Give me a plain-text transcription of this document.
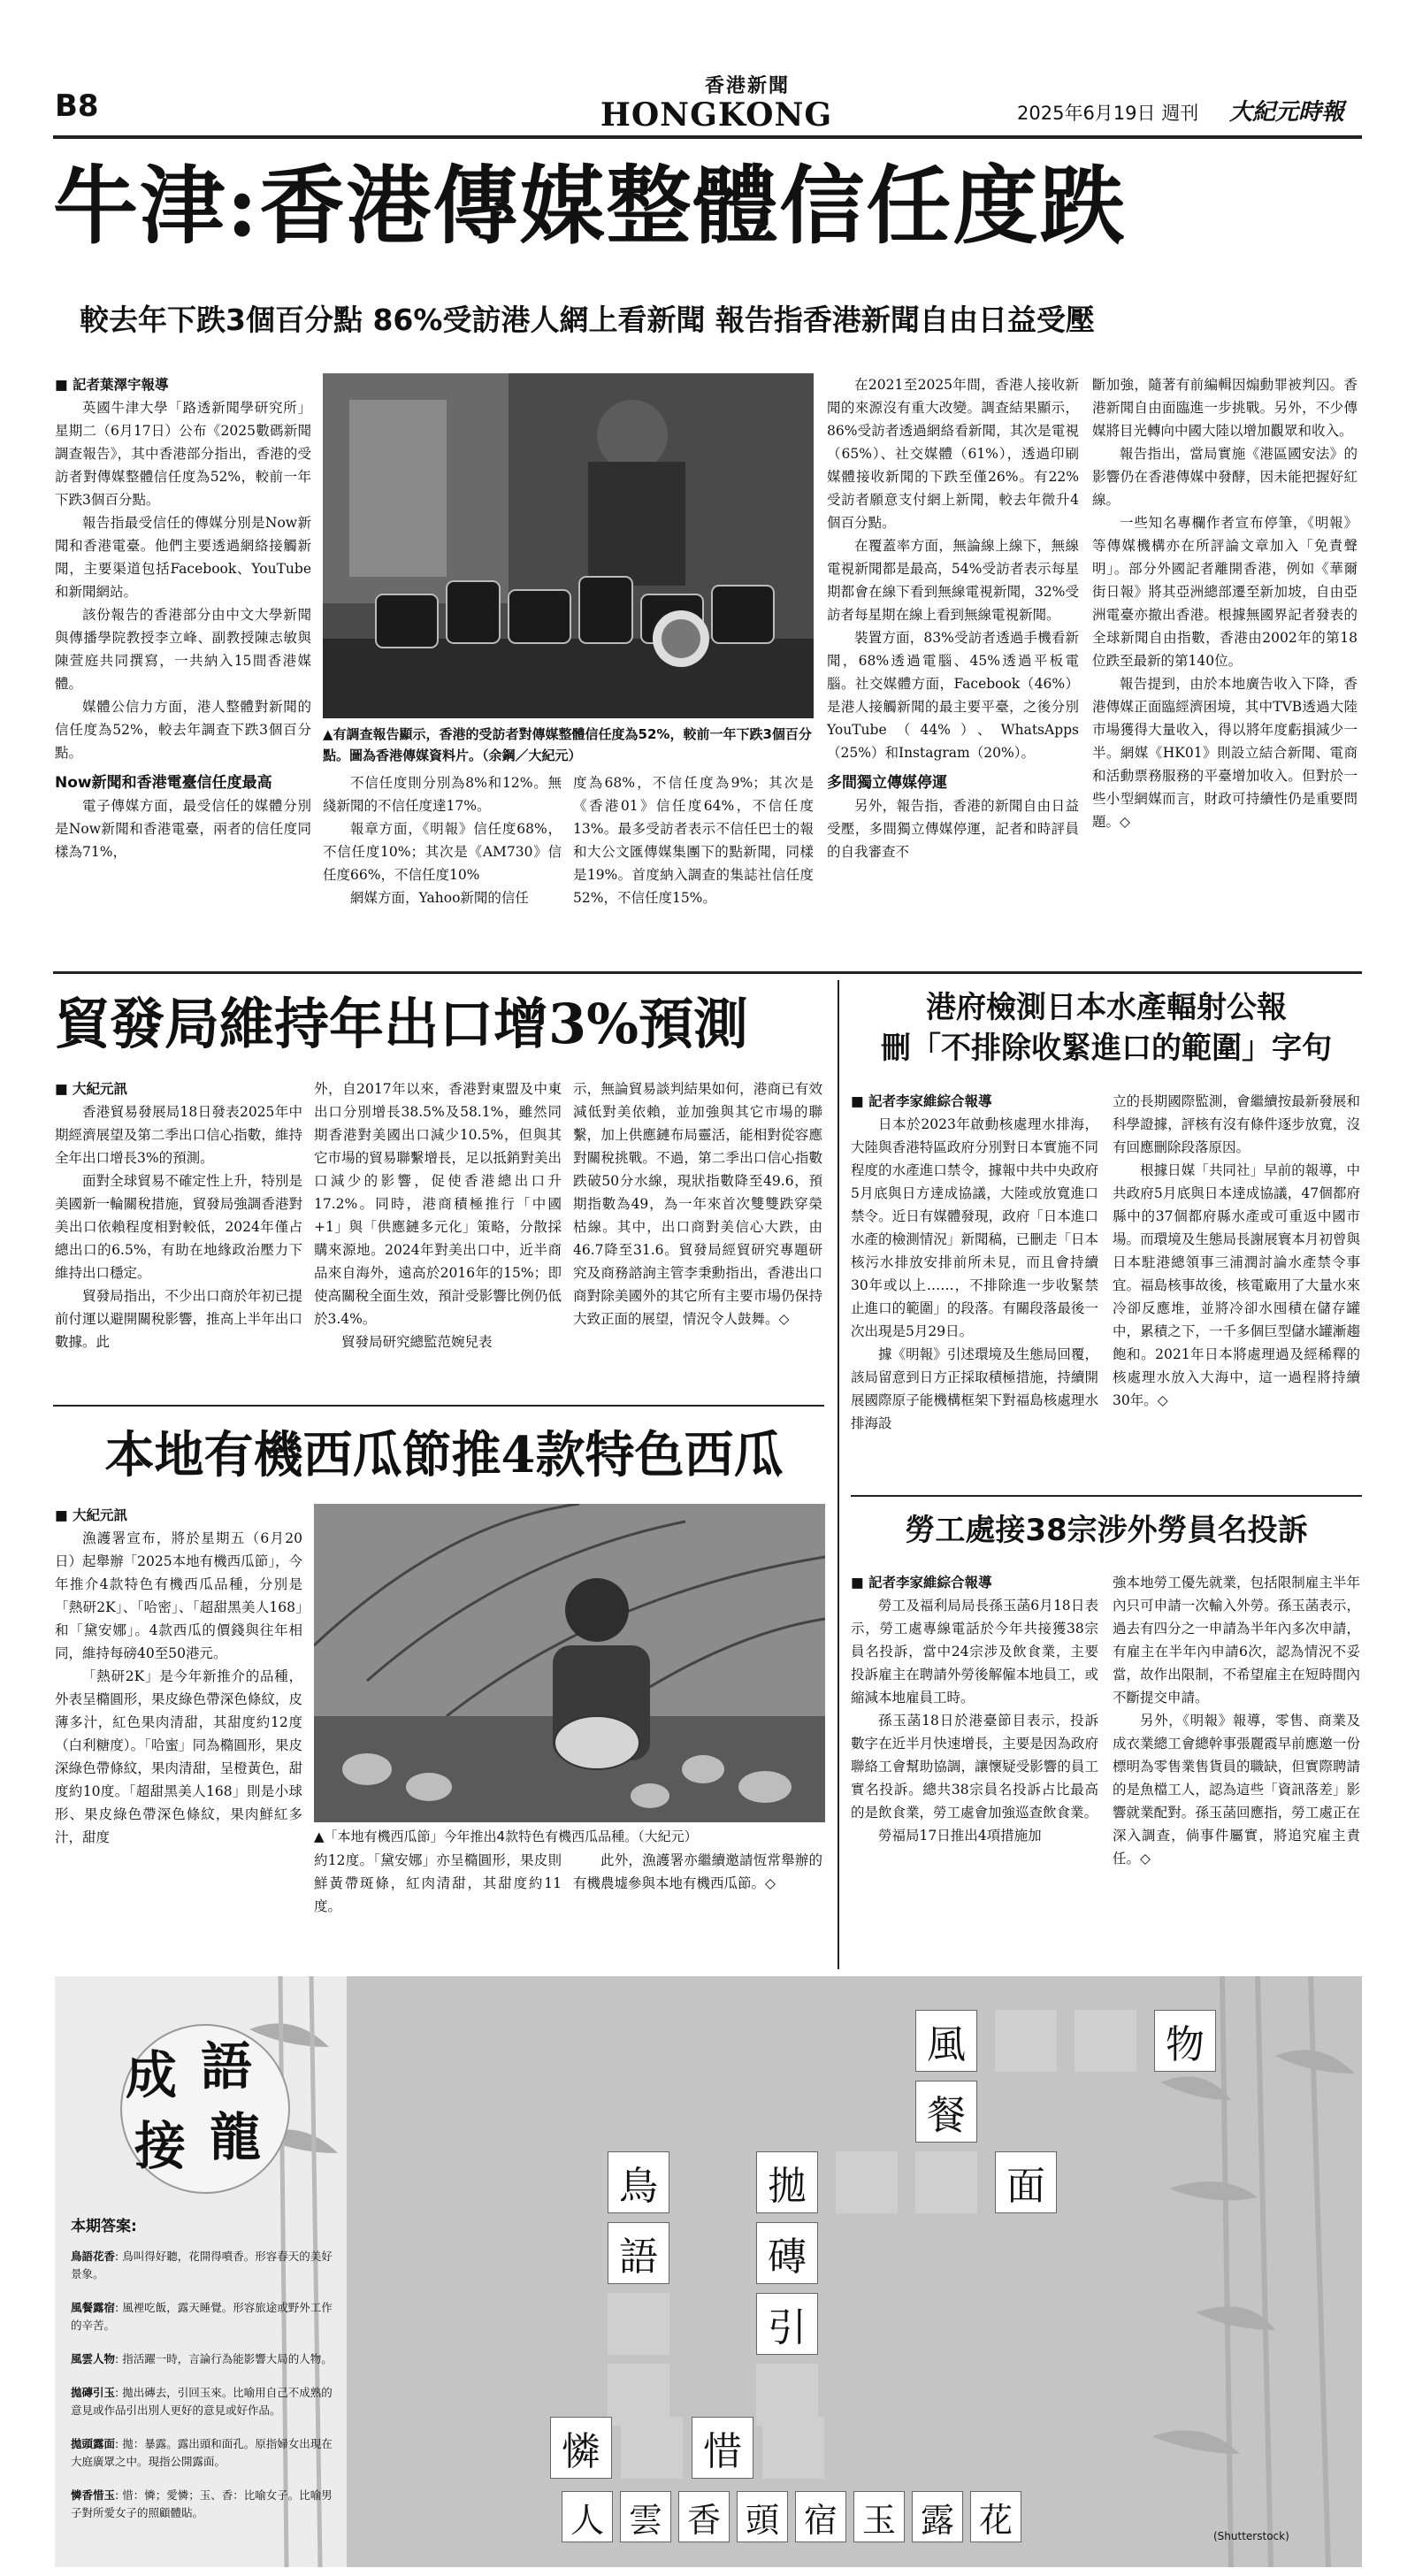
B8
香港新聞
HONGKONG	2025年6月19日 週刊 大紀元時報
牛津:香港傳媒整體信任度跌
較去年下跌3個百分點 86%受訪港人網上看新聞 報告指香港新聞自由日益受壓

■ 記者葉澤宇報導

英國牛津大學「路透新聞學研究所」星期二（6月17日）公布《2025數碼新聞調查報告》，其中香港部分指出，香港的受訪者對傳媒整體信任度為52%，較前一年下跌3個百分點。

報告指最受信任的傳媒分別是Now新聞和香港電臺。他們主要透過網絡接觸新聞，主要渠道包括Facebook、YouTube和新聞網站。

該份報告的香港部分由中文大學新聞與傳播學院教授李立峰、副教授陳志敏與陳萱庭共同撰寫，一共納入15間香港媒體。

媒體公信力方面，港人整體對新聞的信任度為52%，較去年調查下跌3個百分點。

Now新聞和香港電臺信任度最高

電子傳媒方面，最受信任的媒體分別是Now新聞和香港電臺，兩者的信任度同樣為71%，

▲有調查報告顯示，香港的受訪者對傳媒整體信任度為52%，較前一年下跌3個百分點。圖為香港傳媒資料片。（余鋼／大紀元）

不信任度則分別為8%和12%。無綫新聞的不信任度達17%。

報章方面，《明報》信任度68%，不信任度10%；其次是《AM730》信任度66%，不信任度10%

網媒方面，Yahoo新聞的信任

度為68%，不信任度為9%；其次是《香港01》信任度64%，不信任度13%。最多受訪者表示不信任巴士的報和大公文匯傳媒集團下的點新聞，同樣是19%。首度納入調查的集誌社信任度52%，不信任度15%。

在2021至2025年間，香港人接收新聞的來源沒有重大改變。調查結果顯示，86%受訪者透過網絡看新聞，其次是電視（65%）、社交媒體（61%），透過印刷媒體接收新聞的下跌至僅26%。有22%受訪者願意支付網上新聞，較去年微升4個百分點。

在覆蓋率方面，無論線上線下，無線電視新聞都是最高，54%受訪者表示每星期都會在線下看到無線電視新聞，32%受訪者每星期在線上看到無線電視新聞。

裝置方面，83%受訪者透過手機看新聞，68%透過電腦、45%透過平板電腦。社交媒體方面，Facebook（46%）是港人接觸新聞的最主要平臺，之後分別YouTube（44%）、WhatsApps（25%）和Instagram（20%）。

多間獨立傳媒停運

另外，報告指，香港的新聞自由日益受壓，多間獨立傳媒停運，記者和時評員的自我審查不

斷加強，隨著有前編輯因煽動罪被判囚。香港新聞自由面臨進一步挑戰。另外，不少傳媒將目光轉向中國大陸以增加觀眾和收入。

報告指出，當局實施《港區國安法》的影響仍在香港傳媒中發酵，因未能把握好紅線。

一些知名專欄作者宣布停筆，《明報》等傳媒機構亦在所評論文章加入「免責聲明」。部分外國記者離開香港，例如《華爾街日報》將其亞洲總部遷至新加坡，自由亞洲電臺亦撤出香港。根據無國界記者發表的全球新聞自由指數，香港由2002年的第18位跌至最新的第140位。

報告提到，由於本地廣告收入下降，香港傳媒正面臨經濟困境，其中TVB透過大陸市場獲得大量收入，得以將年度虧損減少一半。網媒《HK01》則設立結合新聞、電商和活動票務服務的平臺增加收入。但對於一些小型網媒而言，財政可持續性仍是重要問題。◇

貿發局維持年出口增3%預測

■ 大紀元訊

香港貿易發展局18日發表2025年中期經濟展望及第二季出口信心指數，維持全年出口增長3%的預測。

面對全球貿易不確定性上升，特別是美國新一輪關稅措施，貿發局強調香港對美出口依賴程度相對較低，2024年僅占總出口的6.5%，有助在地緣政治壓力下維持出口穩定。

貿發局指出，不少出口商於年初已提前付運以避開關稅影響，推高上半年出口數據。此

外，自2017年以來，香港對東盟及中東出口分別增長38.5%及58.1%，雖然同期香港對美國出口減少10.5%，但與其它市場的貿易聯繫增長，足以抵銷對美出口減少的影響，促使香港總出口升17.2%。同時，港商積極推行「中國+1」與「供應鏈多元化」策略，分散採購來源地。2024年對美出口中，近半商品來自海外，遠高於2016年的15%；即使高關稅全面生效，預計受影響比例仍低於3.4%。

貿發局研究總監范婉兒表

示，無論貿易談判結果如何，港商已有效減低對美依賴，並加強與其它市場的聯繫，加上供應鏈布局靈活，能相對從容應對關稅挑戰。不過，第二季出口信心指數跌破50分水線，現狀指數降至49.6，預期指數為49，為一年來首次雙雙跌穿榮枯線。其中，出口商對美信心大跌，由46.7降至31.6。貿發局經貿研究專題研究及商務諮詢主管李秉勳指出，香港出口商對除美國外的其它所有主要市場仍保持大致正面的展望，情況令人鼓舞。◇

港府檢測日本水產輻射公報
刪「不排除收緊進口的範圍」字句

■ 記者李家維綜合報導

日本於2023年啟動核處理水排海，大陸與香港特區政府分別對日本實施不同程度的水產進口禁令，據報中共中央政府5月底與日方達成協議，大陸或放寬進口禁令。近日有媒體發現，政府「日本進口水產的檢測情況」新聞稿，已刪走「日本核污水排放安排前所未見，而且會持續30年或以上……，不排除進一步收緊禁止進口的範圍」的段落。有關段落最後一次出現是5月29日。

據《明報》引述環境及生態局回覆，該局留意到日方正採取積極措施，持續開展國際原子能機構框架下對福島核處理水排海設

立的長期國際監測，會繼續按最新發展和科學證據，評核有沒有條件逐步放寬，沒有回應刪除段落原因。

根據日媒「共同社」早前的報導，中共政府5月底與日本達成協議，47個都府縣中的37個都府縣水產或可重返中國市場。而環境及生態局長謝展寰本月初曾與日本駐港總領事三浦潤討論水產禁令事宜。福島核事故後，核電廠用了大量水來冷卻反應堆，並將冷卻水囤積在儲存罐中，累積之下，一千多個巨型儲水罐漸趨飽和。2021年日本將處理過及經稀釋的核處理水放入大海中，這一過程將持續30年。◇

本地有機西瓜節推4款特色西瓜

■ 大紀元訊

漁護署宣布，將於星期五（6月20日）起舉辦「2025本地有機西瓜節」，今年推介4款特色有機西瓜品種，分別是「熱研2K」、「哈密」、「超甜黑美人168」和「黛安娜」。4款西瓜的價錢與往年相同，維持每磅40至50港元。

「熱研2K」是今年新推介的品種，外表呈橢圓形，果皮綠色帶深色條紋，皮薄多汁，紅色果肉清甜，其甜度約12度（白利糖度）。「哈蜜」同為橢圓形，果皮深綠色帶條紋，果肉清甜，呈橙黃色，甜度約10度。「超甜黑美人168」則是小球形、果皮綠色帶深色條紋，果肉鮮紅多汁，甜度	▲「本地有機西瓜節」今年推出4款特色有機西瓜品種。（大紀元）

約12度。「黛安娜」亦呈橢圓形，果皮則鮮黃帶斑條，紅肉清甜，其甜度約11度。

此外，漁護署亦繼續邀請恆常舉辦的有機農墟參與本地有機西瓜節。◇

勞工處接38宗涉外勞員名投訴

■ 記者李家維綜合報導

勞工及福利局局長孫玉菡6月18日表示，勞工處專線電話於今年共接獲38宗員名投訴，當中24宗涉及飲食業，主要投訴雇主在聘請外勞後解僱本地員工，或縮減本地雇員工時。

孫玉菡18日於港臺節目表示，投訴數字在近半月快速增長，主要是因為政府聯絡工會幫助協調，讓懷疑受影響的員工實名投訴。總共38宗員名投訴占比最高的是飲食業，勞工處會加強巡查飲食業。

勞福局17日推出4項措施加

強本地勞工優先就業，包括限制雇主半年內只可申請一次輸入外勞。孫玉菡表示，過去有四分之一申請為半年內多次申請，有雇主在半年內申請6次，認為情況不妥當，故作出限制，不希望雇主在短時間內不斷提交申請。

另外，《明報》報導，零售、商業及成衣業總工會總幹事張麗霞早前應邀一份標明為零售業售貨員的職缺，但實際聘請的是魚檔工人，認為這些「資訊落差」影響就業配對。孫玉菡回應指，勞工處正在深入調查，倘事件屬實，將追究雇主責任。◇

成 語
接 龍
本期答案:

鳥語花香: 鳥叫得好聽，花開得噴香。形容春天的美好景象。

風餐露宿: 風裡吃飯，露天睡覺。形容旅途或野外工作的辛苦。

風雲人物: 指活躍一時，言論行為能影響大局的人物。

拋磚引玉: 拋出磚去，引回玉來。比喻用自己不成熟的意見或作品引出別人更好的意見或好作品。

拋頭露面: 拋：暴露。露出頭和面孔。原指婦女出現在大庭廣眾之中。現指公開露面。

憐香惜玉: 惜：憐；愛憐；玉、香：比喻女子。比喻男子對所愛女子的照顧體貼。

風	物
餐
面
拋
鳥
語	磚
引
憐	惜
人 雲 香 頭 宿 玉 露 花	(Shutterstock)
